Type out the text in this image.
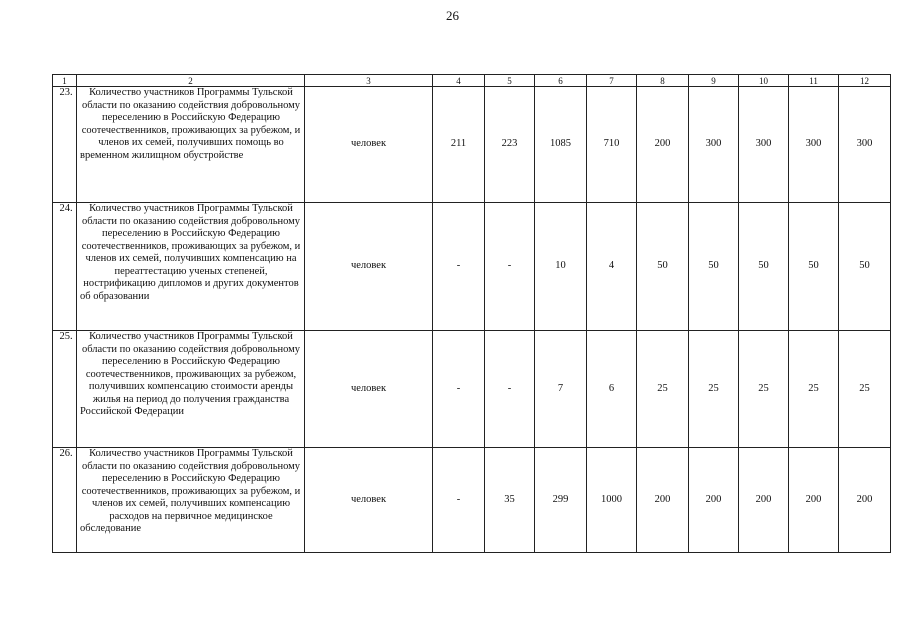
26
1	2	3	4	5	6	7	8	9	10	11	12
23.	Количество участников Программы Тульской области по оказанию содействия добровольному переселению в Российскую Федерацию соотечественников, проживающих за рубежом, и членов их семей, получивших помощь во временном жилищном обустройстве	человек	211	223	1085	710	200	300	300	300	300
24.	Количество участников Программы Тульской области по оказанию содействия добровольному переселению в Российскую Федерацию соотечественников, проживающих за рубежом, и членов их семей, получивших компенсацию на переаттестацию ученых степеней, нострификацию дипломов и других документов об образовании	человек	-	-	10	4	50	50	50	50	50
25.	Количество участников Программы Тульской области по оказанию содействия добровольному переселению в Российскую Федерацию соотечественников, проживающих за рубежом, получивших компенсацию стоимости аренды жилья на период до получения гражданства Российской Федерации	человек	-	-	7	6	25	25	25	25	25
26.	Количество участников Программы Тульской области по оказанию содействия добровольному переселению в Российскую Федерацию соотечественников, проживающих за рубежом, и членов их семей, получивших компенсацию расходов на первичное медицинское обследование	человек	-	35	299	1000	200	200	200	200	200
